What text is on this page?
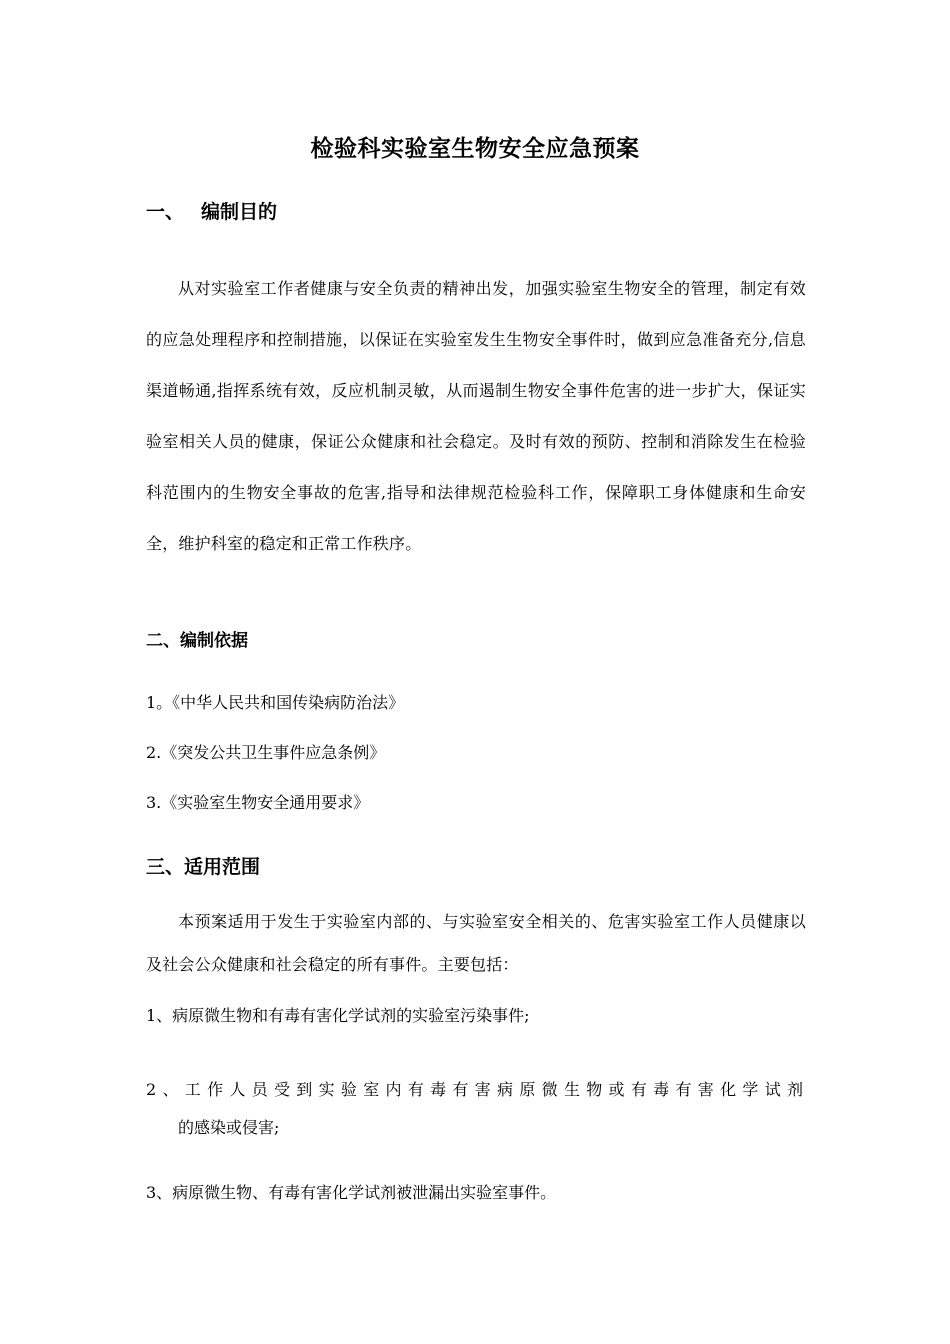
检验科实验室生物安全应急预案
一、 编制目的

从对实验室工作者健康与安全负责的精神出发，加强实验室生物安全的管理，制定有效的应急处理程序和控制措施，以保证在实验室发生生物安全事件时，做到应急准备充分,信息渠道畅通,指挥系统有效，反应机制灵敏，从而遏制生物安全事件危害的进一步扩大，保证实验室相关人员的健康，保证公众健康和社会稳定。及时有效的预防、控制和消除发生在检验科范围内的生物安全事故的危害,指导和法律规范检验科工作，保障职工身体健康和生命安全，维护科室的稳定和正常工作秩序。

二、编制依据
1。《中华人民共和国传染病防治法》
2.《突发公共卫生事件应急条例》
3.《实验室生物安全通用要求》
三、适用范围

本预案适用于发生于实验室内部的、与实验室安全相关的、危害实验室工作人员健康以及社会公众健康和社会稳定的所有事件。主要包括：

1、病原微生物和有毒有害化学试剂的实验室污染事件;
2、工作人员受到实验室内有毒有害病原微生物或有毒有害化学试剂
的感染或侵害;
3、病原微生物、有毒有害化学试剂被泄漏出实验室事件。
